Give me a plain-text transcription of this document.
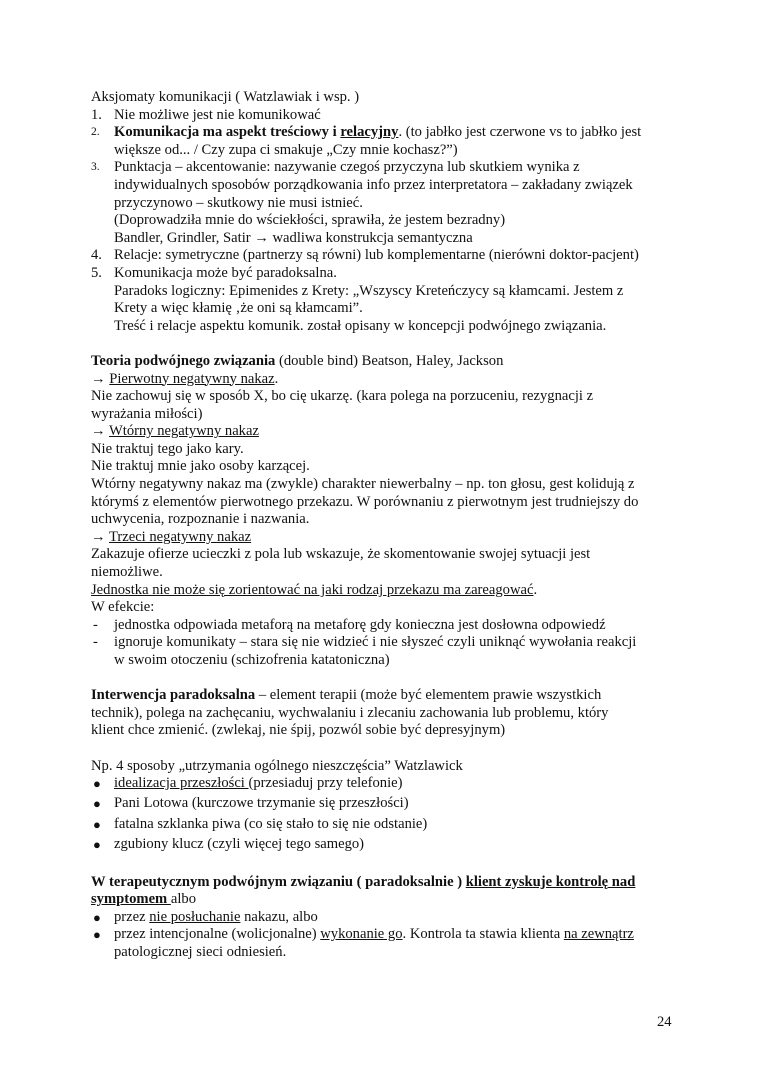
Aksjomaty komunikacji ( Watzlawiak i wsp. )
1. Nie możliwe jest nie komunikować
2. Komunikacja ma aspekt treściowy i relacyjny. (to jabłko jest czerwone vs to jabłko jest
większe od... / Czy zupa ci smakuje „Czy mnie kochasz?”)
3. Punktacja – akcentowanie: nazywanie czegoś przyczyna lub skutkiem wynika z
indywidualnych sposobów porządkowania info przez interpretatora – zakładany związek
przyczynowo – skutkowy nie musi istnieć.
(Doprowadziła mnie do wściekłości, sprawiła, że jestem bezradny)
Bandler, Grindler, Satir → wadliwa konstrukcja semantyczna
4. Relacje: symetryczne (partnerzy są równi) lub komplementarne (nierówni doktor-pacjent)
5. Komunikacja może być paradoksalna.
Paradoks logiczny: Epimenides z Krety: „Wszyscy Kreteńczycy są kłamcami. Jestem z
Krety a więc kłamię ‚że oni są kłamcami”.
Treść i relacje aspektu komunik. został opisany w koncepcji podwójnego związania.
Teoria podwójnego związania (double bind) Beatson, Haley, Jackson
→ Pierwotny negatywny nakaz.
Nie zachowuj się w sposób X, bo cię ukarzę. (kara polega na porzuceniu, rezygnacji z
wyrażania miłości)
→ Wtórny negatywny nakaz
Nie traktuj tego jako kary.
Nie traktuj mnie jako osoby karzącej.
Wtórny negatywny nakaz ma (zwykle) charakter niewerbalny – np. ton głosu, gest kolidują z
którymś z elementów pierwotnego przekazu. W porównaniu z pierwotnym jest trudniejszy do
uchwycenia, rozpoznanie i nazwania.
→ Trzeci negatywny nakaz
Zakazuje ofierze ucieczki z pola lub wskazuje, że skomentowanie swojej sytuacji jest
niemożliwe.
Jednostka nie może się zorientować na jaki rodzaj przekazu ma zareagować.
W efekcie:
- jednostka odpowiada metaforą na metaforę gdy konieczna jest dosłowna odpowiedź
- ignoruje komunikaty – stara się nie widzieć i nie słyszeć czyli uniknąć wywołania reakcji
w swoim otoczeniu (schizofrenia katatoniczna)
Interwencja paradoksalna – element terapii (może być elementem prawie wszystkich
technik), polega na zachęcaniu, wychwalaniu i zlecaniu zachowania lub problemu, który
klient chce zmienić. (zwlekaj, nie śpij, pozwól sobie być depresyjnym)
Np. 4 sposoby „utrzymania ogólnego nieszczęścia” Watzlawick
● idealizacja przeszłości (przesiaduj przy telefonie)
● Pani Lotowa (kurczowe trzymanie się przeszłości)
● fatalna szklanka piwa (co się stało to się nie odstanie)
● zgubiony klucz (czyli więcej tego samego)
W terapeutycznym podwójnym związaniu ( paradoksalnie ) klient zyskuje kontrolę nad
symptomem albo
● przez nie posłuchanie nakazu, albo
● przez intencjonalne (wolicjonalne) wykonanie go. Kontrola ta stawia klienta na zewnątrz
patologicznej sieci odniesień.
24
